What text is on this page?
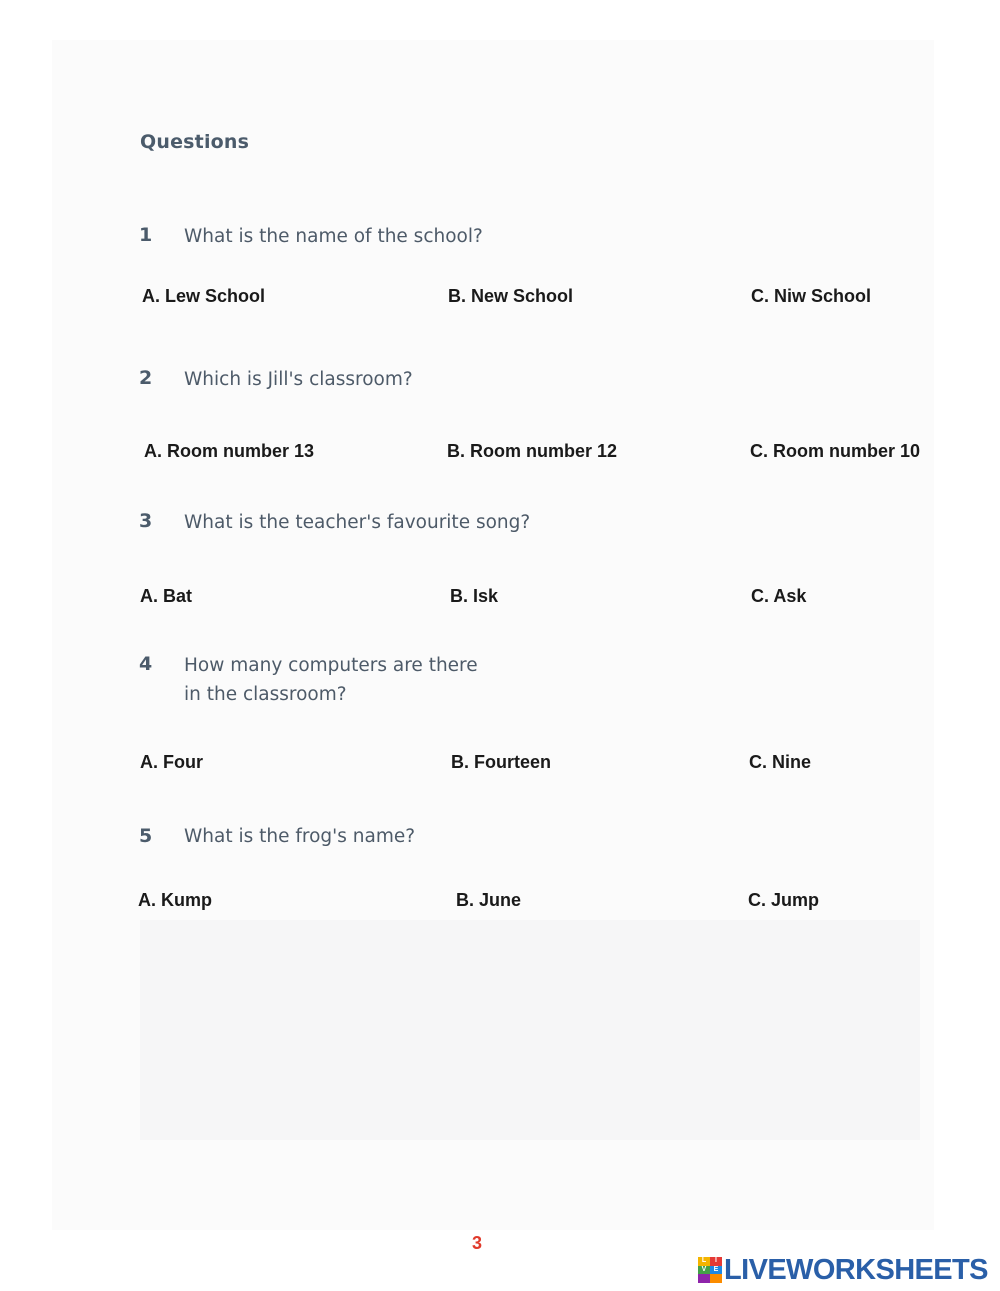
Questions
1 What is the name of the school?
A. Lew School	B. New School	C. Niw School
2 Which is Jill's classroom?
A. Room number 13	B. Room number 12	C. Room number 10
3 What is the teacher's favourite song?
A. Bat	B. Isk	C. Ask
4 How many computers are there
in the classroom?
A. Four	B. Fourteen	C. Nine
5 What is the frog's name?
A. Kump	B. June	C. Jump
3
L	I
V	E LIVEWORKSHEETS
